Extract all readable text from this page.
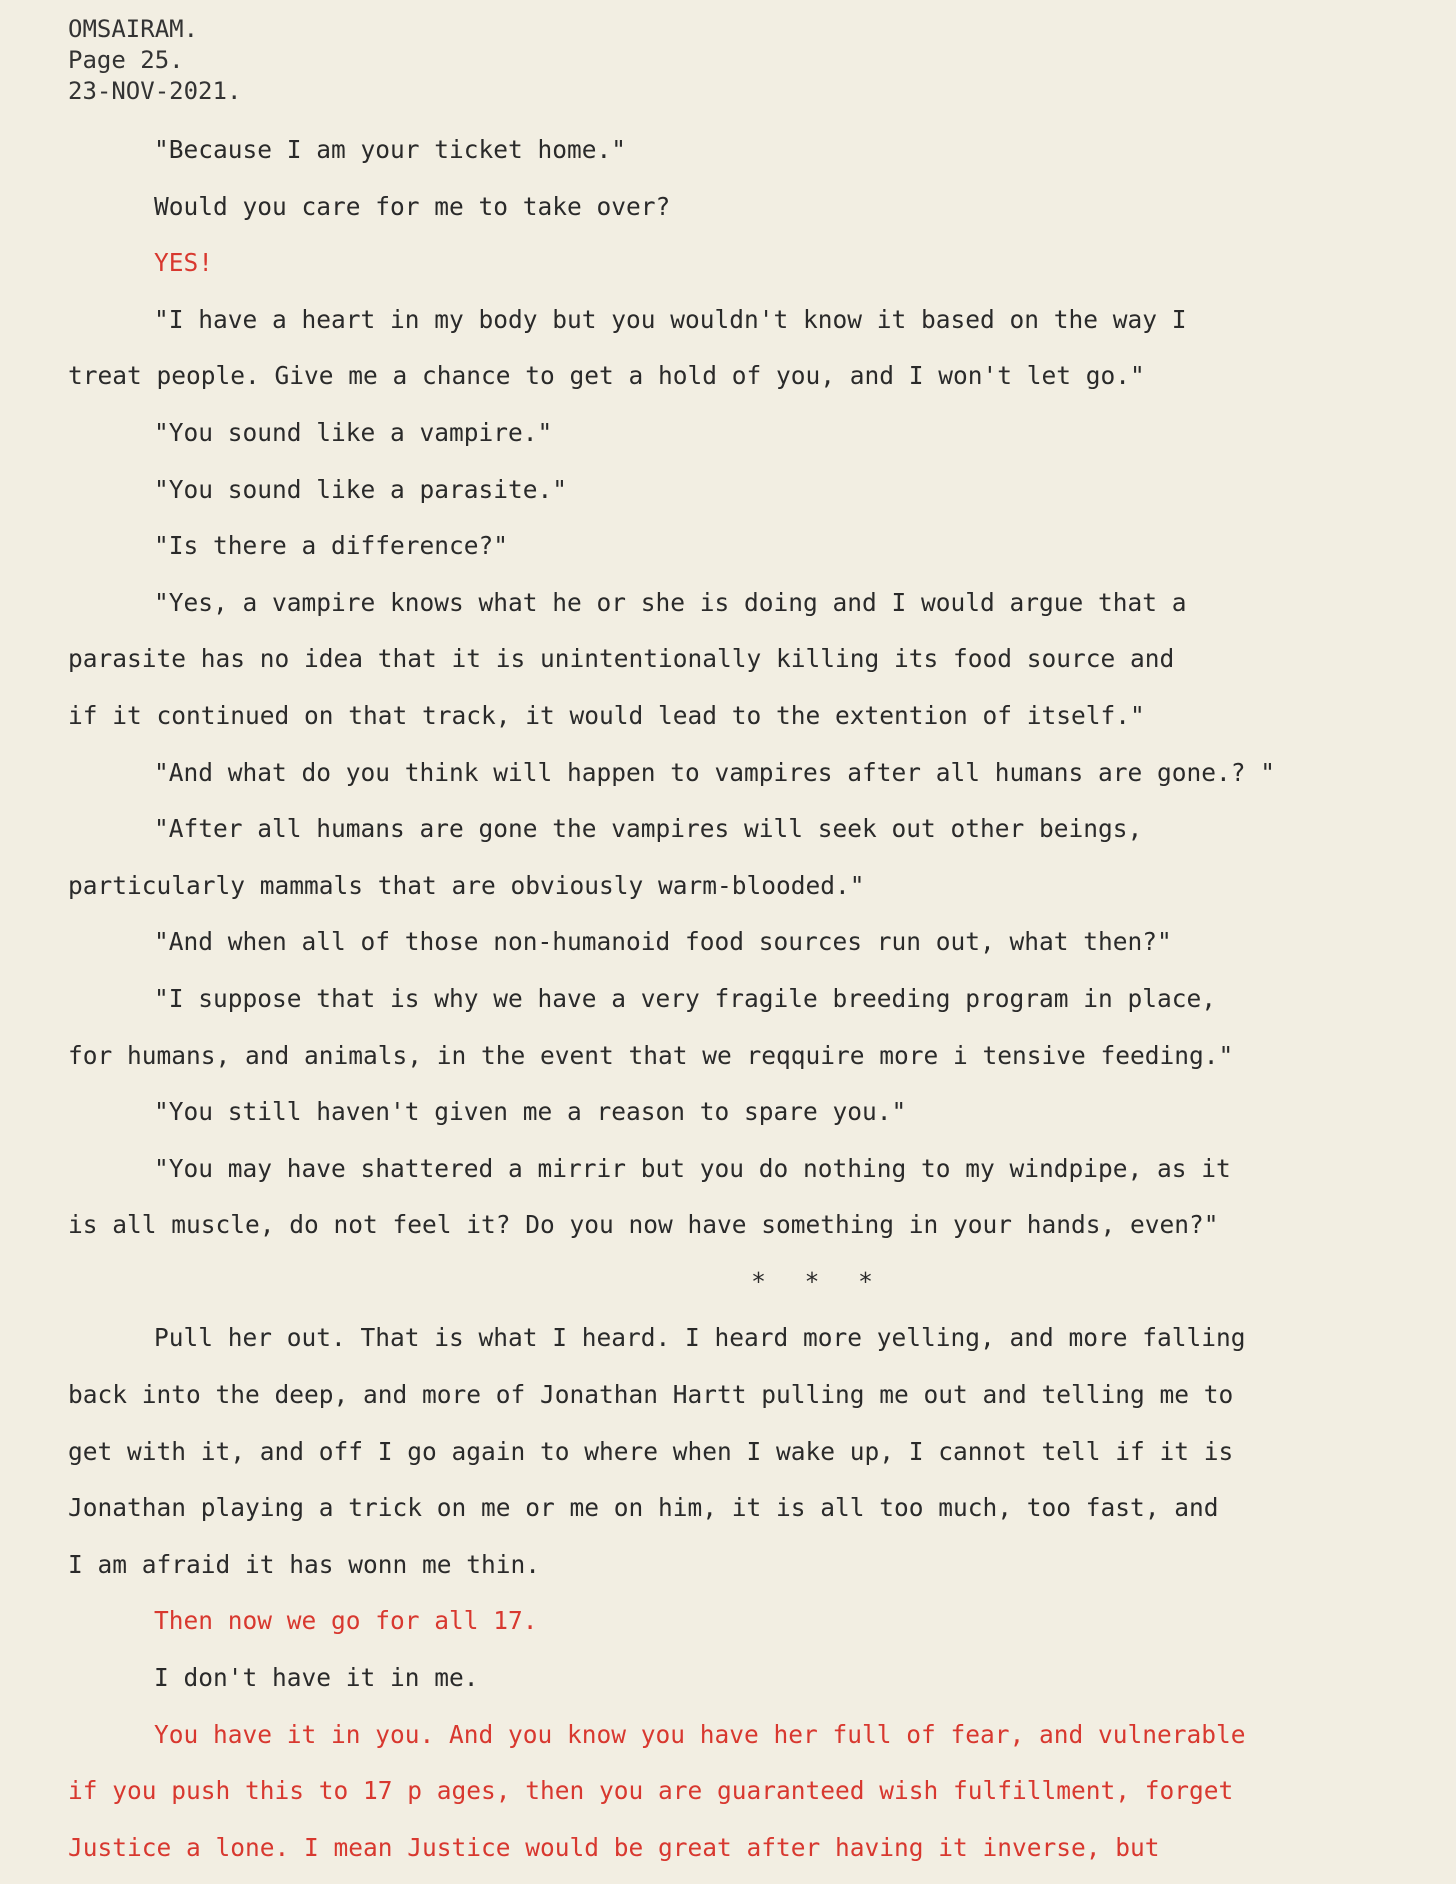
OMSAIRAM.
Page 25.
23-NOV-2021.
"Because I am your ticket home."
Would you care for me to take over?
YES!
"I have a heart in my body but you wouldn't know it based on the way I
treat people. Give me a chance to get a hold of you, and I won't let go."
"You sound like a vampire."
"You sound like a parasite."
"Is there a difference?"
"Yes, a vampire knows what he or she is doing and I would argue that a
parasite has no idea that it is unintentionally killing its food source and
if it continued on that track, it would lead to the extention of itself."
"And what do you think will happen to vampires after all humans are gone.? "
"After all humans are gone the vampires will seek out other beings,
particularly mammals that are obviously warm-blooded."
"And when all of those non-humanoid food sources run out, what then?"
"I suppose that is why we have a very fragile breeding program in place,
for humans, and animals, in the event that we reqquire more i tensive feeding."
"You still haven't given me a reason to spare you."
"You may have shattered a mirrir but you do nothing to my windpipe, as it
is all muscle, do not feel it? Do you now have something in your hands, even?"
* * *
Pull her out. That is what I heard. I heard more yelling, and more falling
back into the deep, and more of Jonathan Hartt pulling me out and telling me to
get with it, and off I go again to where when I wake up, I cannot tell if it is
Jonathan playing a trick on me or me on him, it is all too much, too fast, and
I am afraid it has wonn me thin.
Then now we go for all 17.
I don't have it in me.
You have it in you. And you know you have her full of fear, and vulnerable
if you push this to 17 p ages, then you are guaranteed wish fulfillment, forget
Justice a lone. I mean Justice would be great after having it inverse, but
